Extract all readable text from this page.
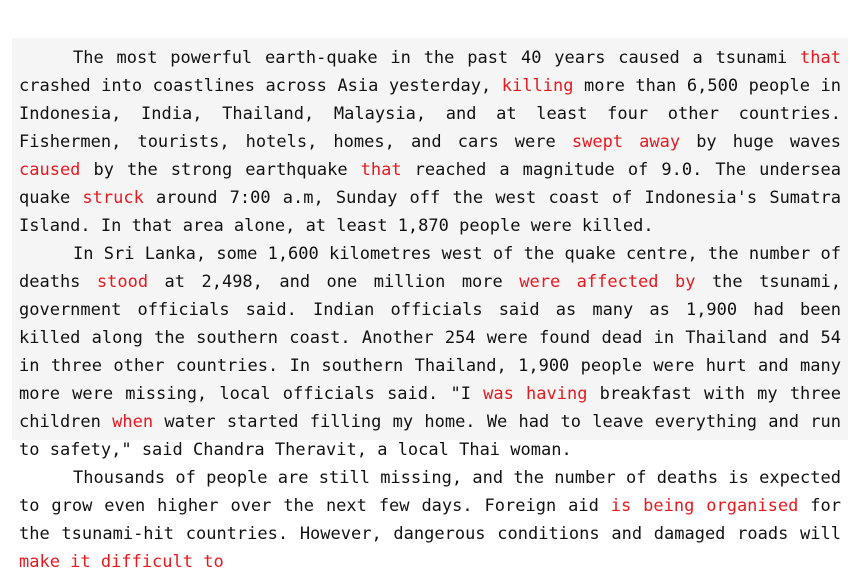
The most powerful earth-quake in the past 40 years caused a tsunami that crashed into coastlines across Asia yesterday, killing more than 6,500 people in Indonesia, India, Thailand, Malaysia, and at least four other countries. Fishermen, tourists, hotels, homes, and cars were swept away by huge waves caused by the strong earthquake that reached a magnitude of 9.0. The undersea quake struck around 7:00 a.m, Sunday off the west coast of Indonesia's Sumatra Island. In that area alone, at least 1,870 people were killed.

In Sri Lanka, some 1,600 kilometres west of the quake centre, the number of deaths stood at 2,498, and one million more were affected by the tsunami, government officials said. Indian officials said as many as 1,900 had been killed along the southern coast. Another 254 were found dead in Thailand and 54 in three other countries. In southern Thailand, 1,900 people were hurt and many more were missing, local officials said. "I was having breakfast with my three children when water started filling my home. We had to leave everything and run to safety," said Chandra Theravit, a local Thai woman.

Thousands of people are still missing, and the number of deaths is expected to grow even higher over the next few days. Foreign aid is being organised for the tsunami-hit countries. However, dangerous conditions and damaged roads will make it difficult to
